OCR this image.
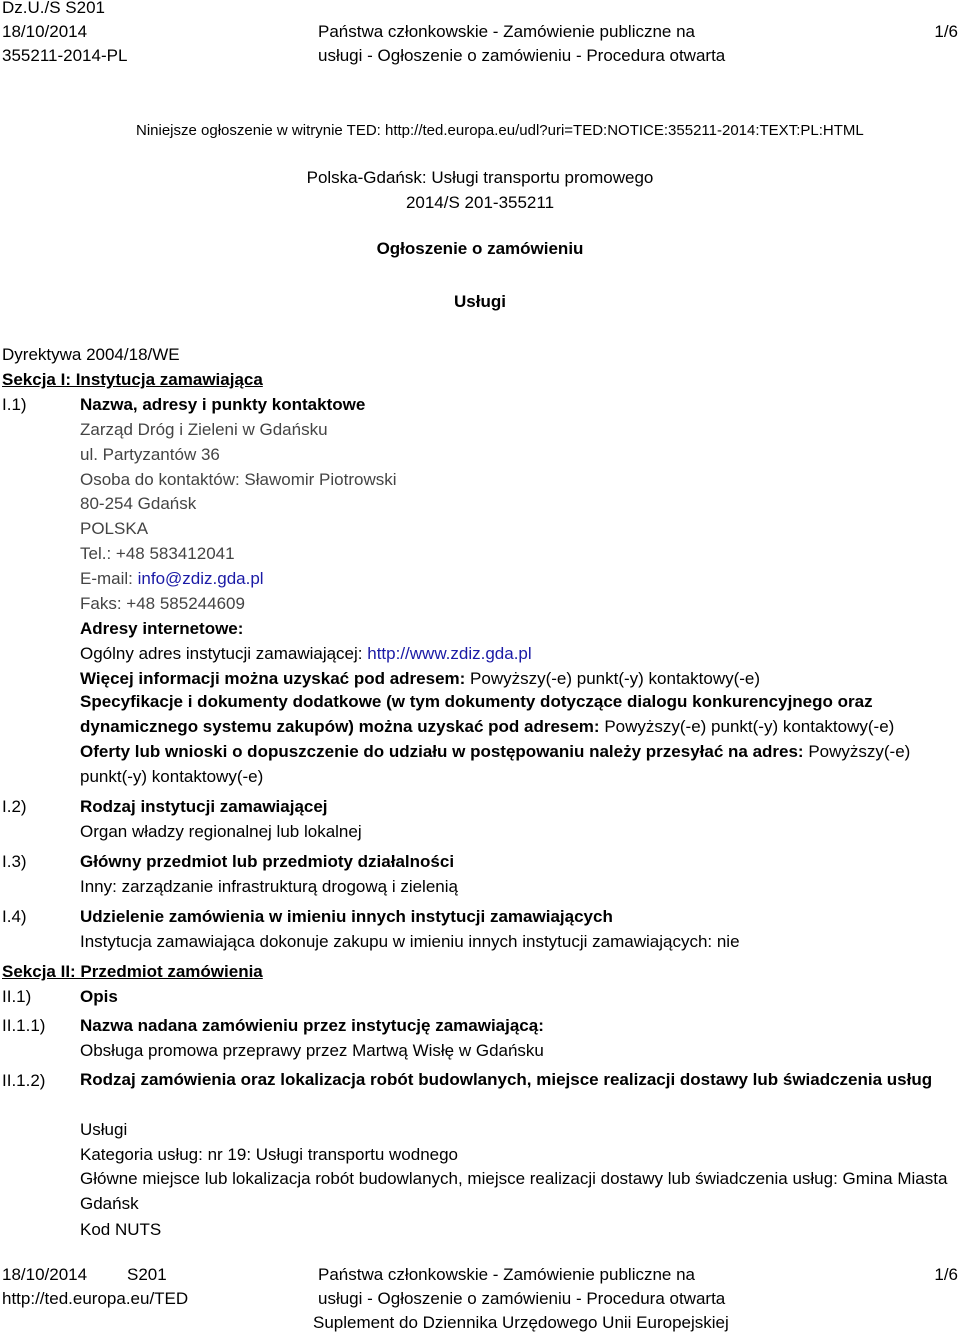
Dz.U./S S201
18/10/2014
355211-2014-PL
Państwa członkowskie - Zamówienie publiczne na
usługi - Ogłoszenie o zamówieniu - Procedura otwarta
1/6
Niniejsze ogłoszenie w witrynie TED: http://ted.europa.eu/udl?uri=TED:NOTICE:355211-2014:TEXT:PL:HTML
Polska-Gdańsk: Usługi transportu promowego
2014/S 201-355211
Ogłoszenie o zamówieniu
Usługi
Dyrektywa 2004/18/WE
Sekcja I: Instytucja zamawiająca
I.1)	Nazwa, adresy i punkty kontaktowe
Zarząd Dróg i Zieleni w Gdańsku
ul. Partyzantów 36
Osoba do kontaktów: Sławomir Piotrowski
80-254 Gdańsk
POLSKA
Tel.: +48 583412041
E-mail: info@zdiz.gda.pl
Faks: +48 585244609
Adresy internetowe:
Ogólny adres instytucji zamawiającej: http://www.zdiz.gda.pl
Więcej informacji można uzyskać pod adresem: Powyższy(-e) punkt(-y) kontaktowy(-e)
Specyfikacje i dokumenty dodatkowe (w tym dokumenty dotyczące dialogu konkurencyjnego oraz dynamicznego systemu zakupów) można uzyskać pod adresem: Powyższy(-e) punkt(-y) kontaktowy(-e)
Oferty lub wnioski o dopuszczenie do udziału w postępowaniu należy przesyłać na adres: Powyższy(-e) punkt(-y) kontaktowy(-e)
I.2)	Rodzaj instytucji zamawiającej
Organ władzy regionalnej lub lokalnej
I.3)	Główny przedmiot lub przedmioty działalności
Inny: zarządzanie infrastrukturą drogową i zielenią
I.4)	Udzielenie zamówienia w imieniu innych instytucji zamawiających
Instytucja zamawiająca dokonuje zakupu w imieniu innych instytucji zamawiających: nie
Sekcja II: Przedmiot zamówienia
II.1)	Opis
II.1.1) Nazwa nadana zamówieniu przez instytucję zamawiającą:
Obsługa promowa przeprawy przez Martwą Wisłę w Gdańsku
II.1.2) Rodzaj zamówienia oraz lokalizacja robót budowlanych, miejsce realizacji dostawy lub świadczenia usług
Usługi
Kategoria usług: nr 19: Usługi transportu wodnego
Główne miejsce lub lokalizacja robót budowlanych, miejsce realizacji dostawy lub świadczenia usług: Gmina Miasta Gdańsk
Kod NUTS
18/10/2014 S201
http://ted.europa.eu/TED
Państwa członkowskie - Zamówienie publiczne na
usługi - Ogłoszenie o zamówieniu - Procedura otwarta
Suplement do Dziennika Urzędowego Unii Europejskiej
1/6
